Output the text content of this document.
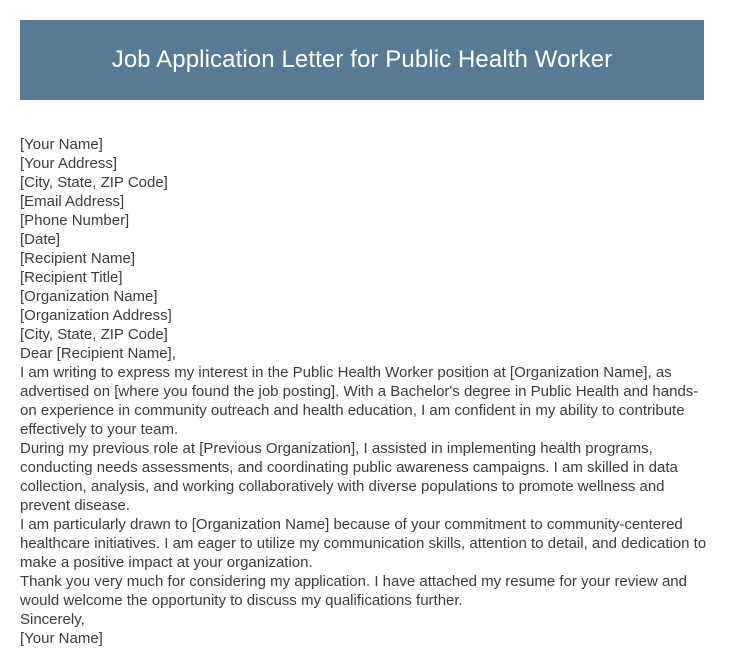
Job Application Letter for Public Health Worker
[Your Name]
[Your Address]
[City, State, ZIP Code]
[Email Address]
[Phone Number]
[Date]
[Recipient Name]
[Recipient Title]
[Organization Name]
[Organization Address]
[City, State, ZIP Code]
Dear [Recipient Name],

I am writing to express my interest in the Public Health Worker position at [Organization Name], as advertised on [where you found the job posting]. With a Bachelor's degree in Public Health and hands-on experience in community outreach and health education, I am confident in my ability to contribute effectively to your team.

During my previous role at [Previous Organization], I assisted in implementing health programs, conducting needs assessments, and coordinating public awareness campaigns. I am skilled in data collection, analysis, and working collaboratively with diverse populations to promote wellness and prevent disease.

I am particularly drawn to [Organization Name] because of your commitment to community-centered healthcare initiatives. I am eager to utilize my communication skills, attention to detail, and dedication to make a positive impact at your organization.

Thank you very much for considering my application. I have attached my resume for your review and would welcome the opportunity to discuss my qualifications further.

Sincerely,
[Your Name]
